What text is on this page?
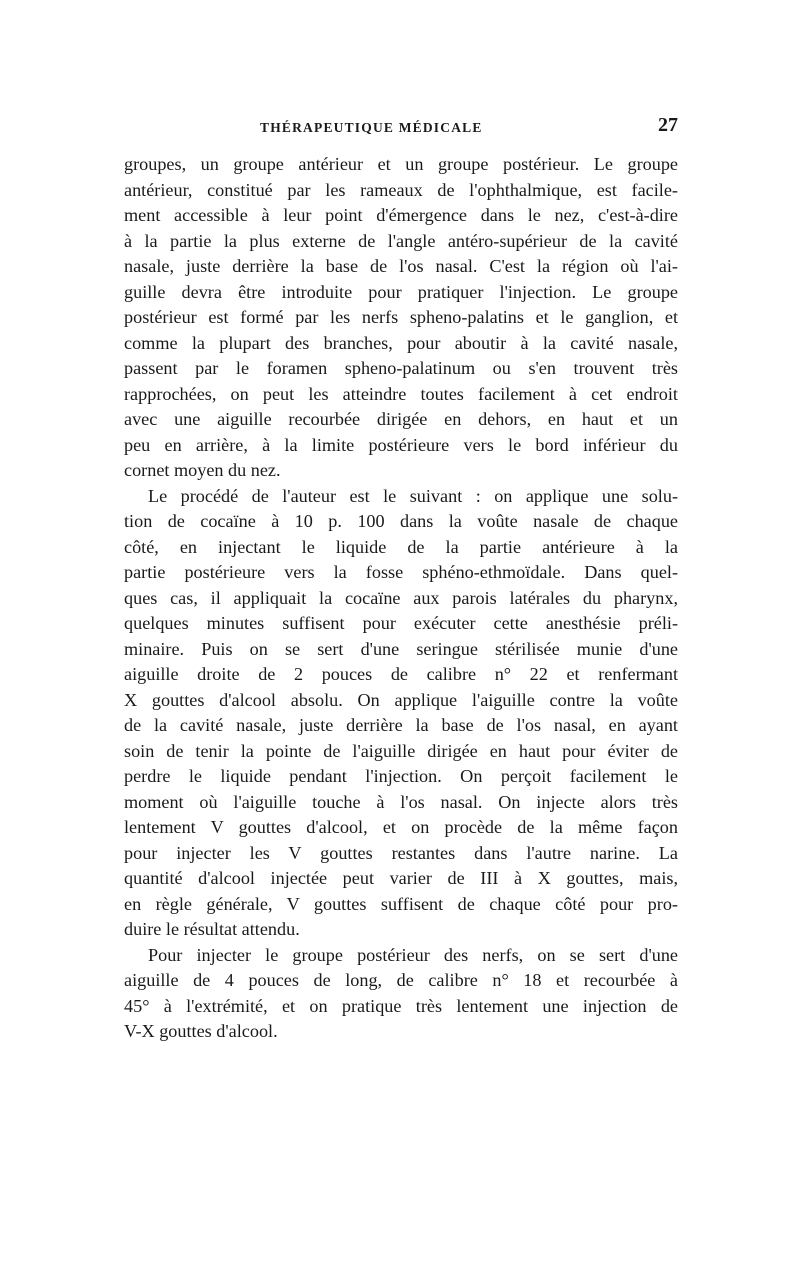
THÉRAPEUTIQUE MÉDICALE	27
groupes, un groupe antérieur et un groupe postérieur. Le groupe
antérieur, constitué par les rameaux de l'ophthalmique, est facile-
ment accessible à leur point d'émergence dans le nez, c'est-à-dire
à la partie la plus externe de l'angle antéro-supérieur de la cavité
nasale, juste derrière la base de l'os nasal. C'est la région où l'ai-
guille devra être introduite pour pratiquer l'injection. Le groupe
postérieur est formé par les nerfs spheno-palatins et le ganglion, et
comme la plupart des branches, pour aboutir à la cavité nasale,
passent par le foramen spheno-palatinum ou s'en trouvent très
rapprochées, on peut les atteindre toutes facilement à cet endroit
avec une aiguille recourbée dirigée en dehors, en haut et un
peu en arrière, à la limite postérieure vers le bord inférieur du
cornet moyen du nez.
Le procédé de l'auteur est le suivant : on applique une solu-
tion de cocaïne à 10 p. 100 dans la voûte nasale de chaque
côté, en injectant le liquide de la partie antérieure à la
partie postérieure vers la fosse sphéno-ethmoïdale. Dans quel-
ques cas, il appliquait la cocaïne aux parois latérales du pharynx,
quelques minutes suffisent pour exécuter cette anesthésie préli-
minaire. Puis on se sert d'une seringue stérilisée munie d'une
aiguille droite de 2 pouces de calibre n° 22 et renfermant
X gouttes d'alcool absolu. On applique l'aiguille contre la voûte
de la cavité nasale, juste derrière la base de l'os nasal, en ayant
soin de tenir la pointe de l'aiguille dirigée en haut pour éviter de
perdre le liquide pendant l'injection. On perçoit facilement le
moment où l'aiguille touche à l'os nasal. On injecte alors très
lentement V gouttes d'alcool, et on procède de la même façon
pour injecter les V gouttes restantes dans l'autre narine. La
quantité d'alcool injectée peut varier de III à X gouttes, mais,
en règle générale, V gouttes suffisent de chaque côté pour pro-
duire le résultat attendu.
Pour injecter le groupe postérieur des nerfs, on se sert d'une
aiguille de 4 pouces de long, de calibre n° 18 et recourbée à
45° à l'extrémité, et on pratique très lentement une injection de
V-X gouttes d'alcool.
